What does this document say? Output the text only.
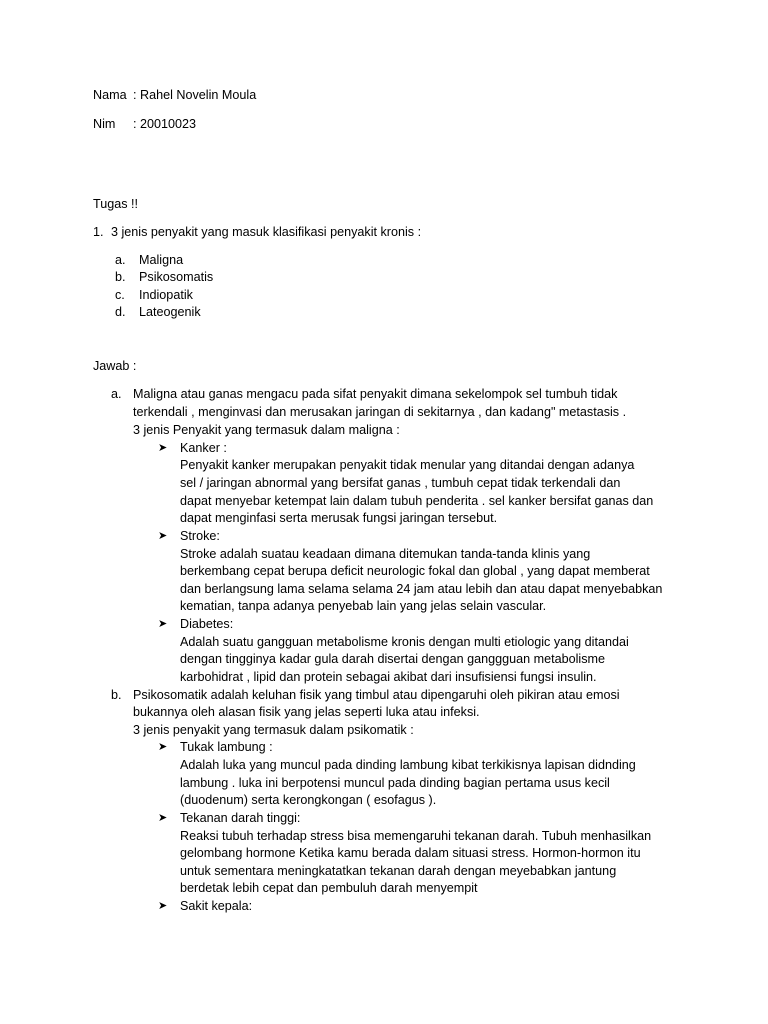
Nama : Rahel Novelin Moula
Nim : 20010023
Tugas !!
1. 3 jenis penyakit yang masuk klasifikasi penyakit kronis :
a. Maligna
b. Psikosomatis
c. Indiopatik
d. Lateogenik
Jawab :
a. Maligna atau ganas mengacu pada sifat penyakit dimana sekelompok sel tumbuh tidak
terkendali , menginvasi dan merusakan jaringan di sekitarnya , dan kadang" metastasis .
3 jenis Penyakit yang termasuk dalam maligna :
➤ Kanker :
Penyakit kanker merupakan penyakit tidak menular yang ditandai dengan adanya
sel / jaringan abnormal yang bersifat ganas , tumbuh cepat tidak terkendali dan
dapat menyebar ketempat lain dalam tubuh penderita . sel kanker bersifat ganas dan
dapat menginfasi serta merusak fungsi jaringan tersebut.
➤ Stroke:
Stroke adalah suatau keadaan dimana ditemukan tanda-tanda klinis yang
berkembang cepat berupa deficit neurologic fokal dan global , yang dapat memberat
dan berlangsung lama selama selama 24 jam atau lebih dan atau dapat menyebabkan
kematian, tanpa adanya penyebab lain yang jelas selain vascular.
➤ Diabetes:
Adalah suatu gangguan metabolisme kronis dengan multi etiologic yang ditandai
dengan tingginya kadar gula darah disertai dengan ganggguan metabolisme
karbohidrat , lipid dan protein sebagai akibat dari insufisiensi fungsi insulin.
b. Psikosomatik adalah keluhan fisik yang timbul atau dipengaruhi oleh pikiran atau emosi
bukannya oleh alasan fisik yang jelas seperti luka atau infeksi.
3 jenis penyakit yang termasuk dalam psikomatik :
➤ Tukak lambung :
Adalah luka yang muncul pada dinding lambung kibat terkikisnya lapisan didnding
lambung . luka ini berpotensi muncul pada dinding bagian pertama usus kecil
(duodenum) serta kerongkongan ( esofagus ).
➤ Tekanan darah tinggi:
Reaksi tubuh terhadap stress bisa memengaruhi tekanan darah. Tubuh menhasilkan
gelombang hormone Ketika kamu berada dalam situasi stress. Hormon-hormon itu
untuk sementara meningkatatkan tekanan darah dengan meyebabkan jantung
berdetak lebih cepat dan pembuluh darah menyempit
➤ Sakit kepala:
